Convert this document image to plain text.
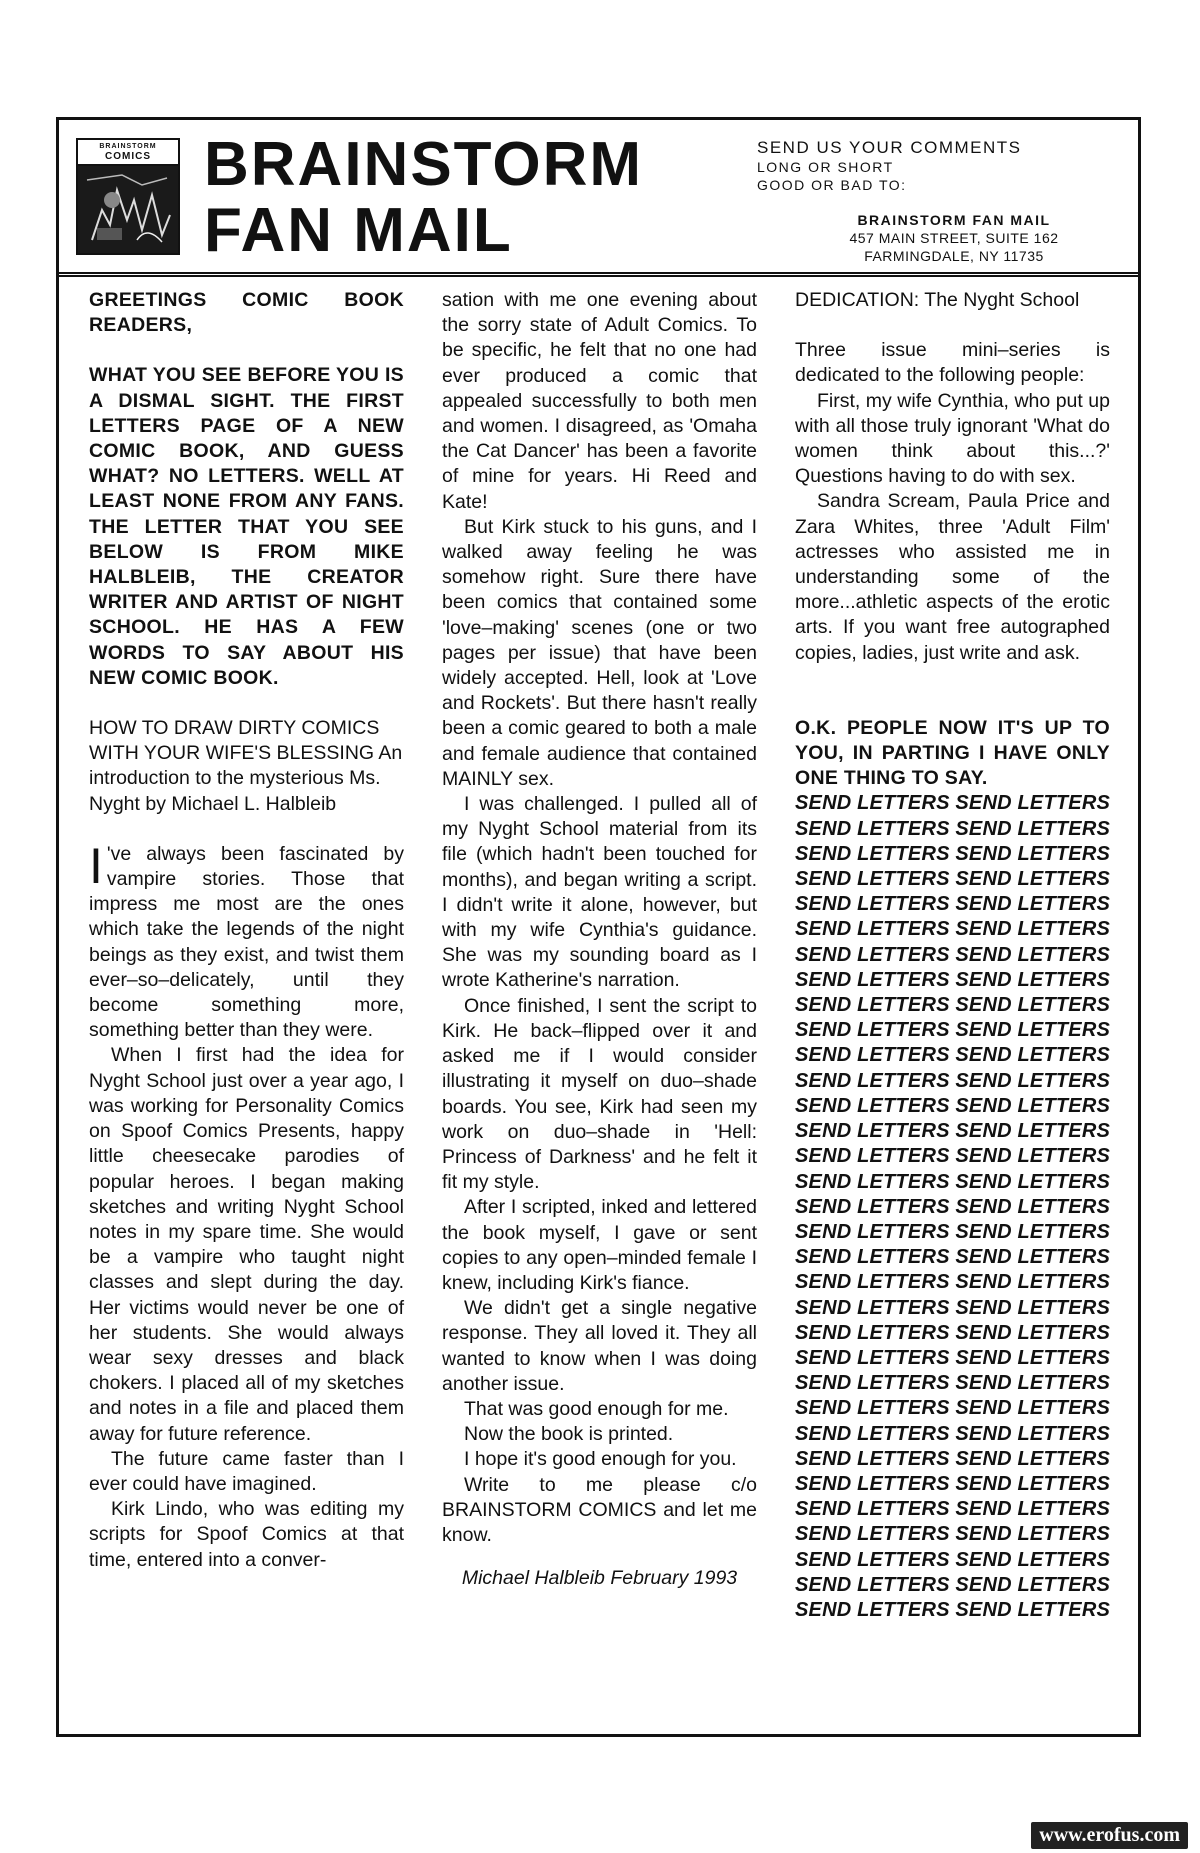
BRAINSTORM
COMICS BRAINSTORM
FAN MAIL
SEND US YOUR COMMENTS
LONG OR SHORT
GOOD OR BAD TO:
BRAINSTORM FAN MAIL
457 MAIN STREET, SUITE 162
FARMINGDALE, NY 11735

GREETINGS COMIC BOOK READERS,

WHAT YOU SEE BEFORE YOU IS A DISMAL SIGHT. THE FIRST LETTERS PAGE OF A NEW COMIC BOOK, AND GUESS WHAT? NO LETTERS. WELL AT LEAST NONE FROM ANY FANS. THE LETTER THAT YOU SEE BELOW IS FROM MIKE HALBLEIB, THE CREATOR WRITER AND ARTIST OF NIGHT SCHOOL. HE HAS A FEW WORDS TO SAY ABOUT HIS NEW COMIC BOOK.

HOW TO DRAW DIRTY COMICS WITH YOUR WIFE'S BLESSING An introduction to the mysterious Ms. Nyght by Michael L. Halbleib

I 've always been fascinated by vampire stories. Those that impress me most are the ones which take the legends of the night beings as they exist, and twist them ever–so–delicately, until they become something more, something better than they were.

When I first had the idea for Nyght School just over a year ago, I was working for Personality Comics on Spoof Comics Presents, happy little cheesecake parodies of popular heroes. I began making sketches and writing Nyght School notes in my spare time. She would be a vampire who taught night classes and slept during the day. Her victims would never be one of her students. She would always wear sexy dresses and black chokers. I placed all of my sketches and notes in a file and placed them away for future reference.

The future came faster than I ever could have imagined.

Kirk Lindo, who was editing my scripts for Spoof Comics at that time, entered into a conver-

sation with me one evening about the sorry state of Adult Comics. To be specific, he felt that no one had ever produced a comic that appealed successfully to both men and women. I disagreed, as 'Omaha the Cat Dancer' has been a favorite of mine for years. Hi Reed and Kate!

But Kirk stuck to his guns, and I walked away feeling he was somehow right. Sure there have been comics that contained some 'love–making' scenes (one or two pages per issue) that have been widely accepted. Hell, look at 'Love and Rockets'. But there hasn't really been a comic geared to both a male and female audience that contained MAINLY sex.

I was challenged. I pulled all of my Nyght School material from its file (which hadn't been touched for months), and began writing a script. I didn't write it alone, however, but with my wife Cynthia's guidance. She was my sounding board as I wrote Katherine's narration.

Once finished, I sent the script to Kirk. He back–flipped over it and asked me if I would consider illustrating it myself on duo–shade boards. You see, Kirk had seen my work on duo–shade in 'Hell: Princess of Darkness' and he felt it fit my style.

After I scripted, inked and lettered the book myself, I gave or sent copies to any open–minded female I knew, including Kirk's fiance.

We didn't get a single negative response. They all loved it. They all wanted to know when I was doing another issue.

That was good enough for me.

Now the book is printed.

I hope it's good enough for you.

Write to me please c/o BRAINSTORM COMICS and let me know.

Michael Halbleib February 1993

DEDICATION: The Nyght School

Three issue mini–series is dedicated to the following people:

First, my wife Cynthia, who put up with all those truly ignorant 'What do women think about this...?' Questions having to do with sex.

Sandra Scream, Paula Price and Zara Whites, three 'Adult Film' actresses who assisted me in understanding some of the more...athletic aspects of the erotic arts. If you want free autographed copies, ladies, just write and ask.

O.K. PEOPLE NOW IT'S UP TO YOU, IN PARTING I HAVE ONLY ONE THING TO SAY.

SEND LETTERS SEND LETTERS
SEND LETTERS SEND LETTERS
SEND LETTERS SEND LETTERS
SEND LETTERS SEND LETTERS
SEND LETTERS SEND LETTERS
SEND LETTERS SEND LETTERS
SEND LETTERS SEND LETTERS
SEND LETTERS SEND LETTERS
SEND LETTERS SEND LETTERS
SEND LETTERS SEND LETTERS
SEND LETTERS SEND LETTERS
SEND LETTERS SEND LETTERS
SEND LETTERS SEND LETTERS
SEND LETTERS SEND LETTERS
SEND LETTERS SEND LETTERS
SEND LETTERS SEND LETTERS
SEND LETTERS SEND LETTERS
SEND LETTERS SEND LETTERS
SEND LETTERS SEND LETTERS
SEND LETTERS SEND LETTERS
SEND LETTERS SEND LETTERS
SEND LETTERS SEND LETTERS
SEND LETTERS SEND LETTERS
SEND LETTERS SEND LETTERS
SEND LETTERS SEND LETTERS
SEND LETTERS SEND LETTERS
SEND LETTERS SEND LETTERS
SEND LETTERS SEND LETTERS
SEND LETTERS SEND LETTERS
SEND LETTERS SEND LETTERS
SEND LETTERS SEND LETTERS
SEND LETTERS SEND LETTERS
SEND LETTERS SEND LETTERS
www.erofus.com
